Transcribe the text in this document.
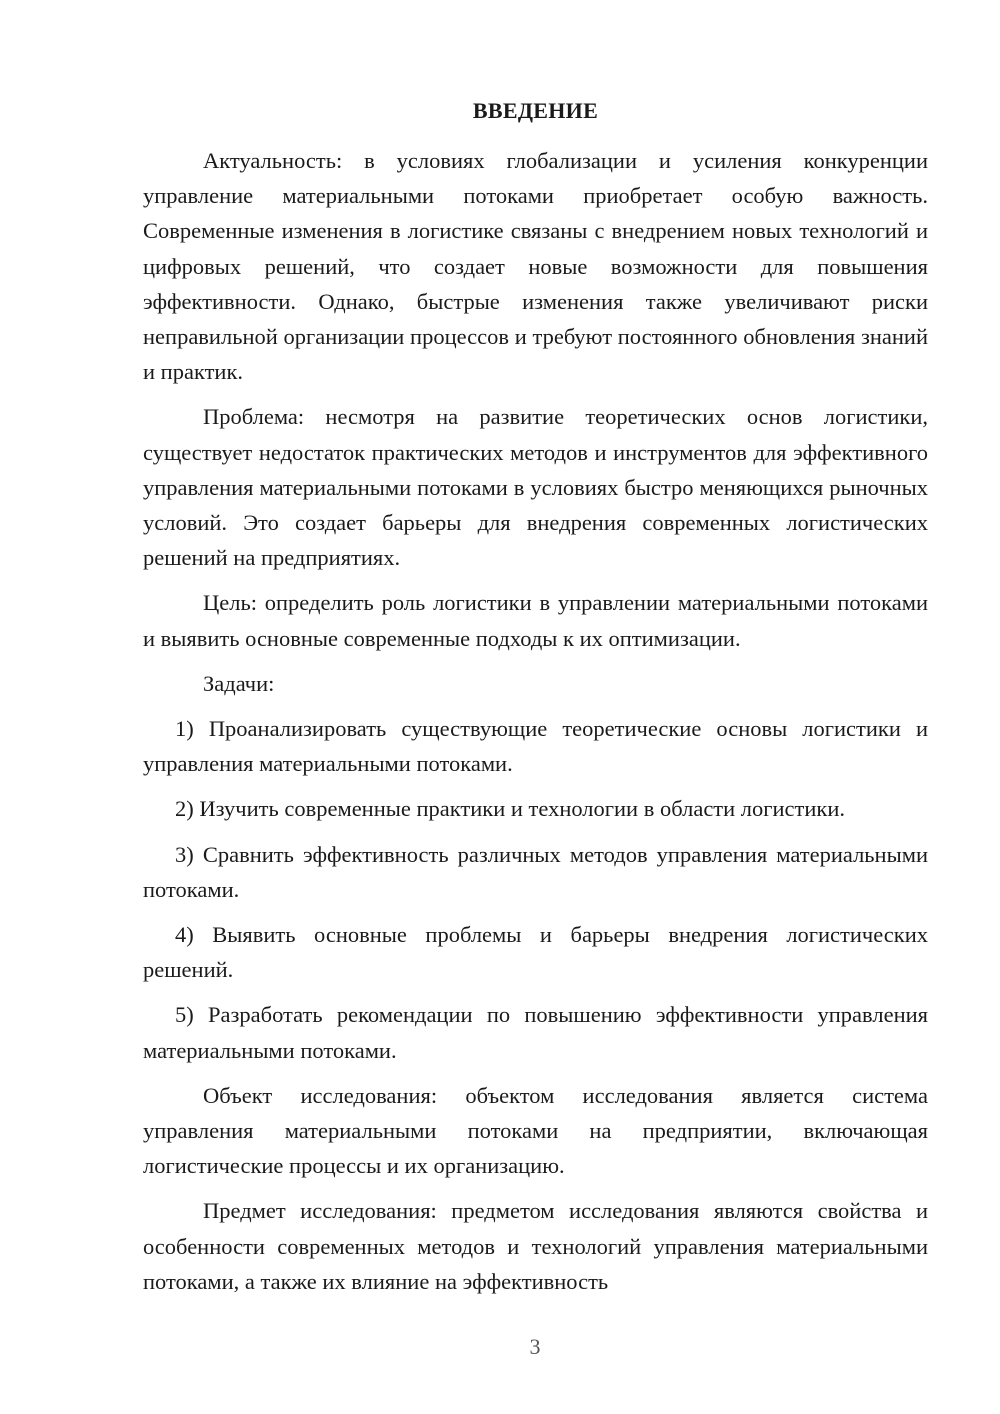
ВВЕДЕНИЕ

Актуальность: в условиях глобализации и усиления конкуренции управление материальными потоками приобретает особую важность. Современные изменения в логистике связаны с внедрением новых технологий и цифровых решений, что создает новые возможности для повышения эффективности. Однако, быстрые изменения также увеличивают риски неправильной организации процессов и требуют постоянного обновления знаний и практик.

Проблема: несмотря на развитие теоретических основ логистики, существует недостаток практических методов и инструментов для эффективного управления материальными потоками в условиях быстро меняющихся рыночных условий. Это создает барьеры для внедрения современных логистических решений на предприятиях.

Цель: определить роль логистики в управлении материальными потоками и выявить основные современные подходы к их оптимизации.

Задачи:

1) Проанализировать существующие теоретические основы логистики и управления материальными потоками.

2) Изучить современные практики и технологии в области логистики.

3) Сравнить эффективность различных методов управления материальными потоками.

4) Выявить основные проблемы и барьеры внедрения логистических решений.

5) Разработать рекомендации по повышению эффективности управления материальными потоками.

Объект исследования: объектом исследования является система управления материальными потоками на предприятии, включающая логистические процессы и их организацию.

Предмет исследования: предметом исследования являются свойства и особенности современных методов и технологий управления материальными потоками, а также их влияние на эффективность

3
